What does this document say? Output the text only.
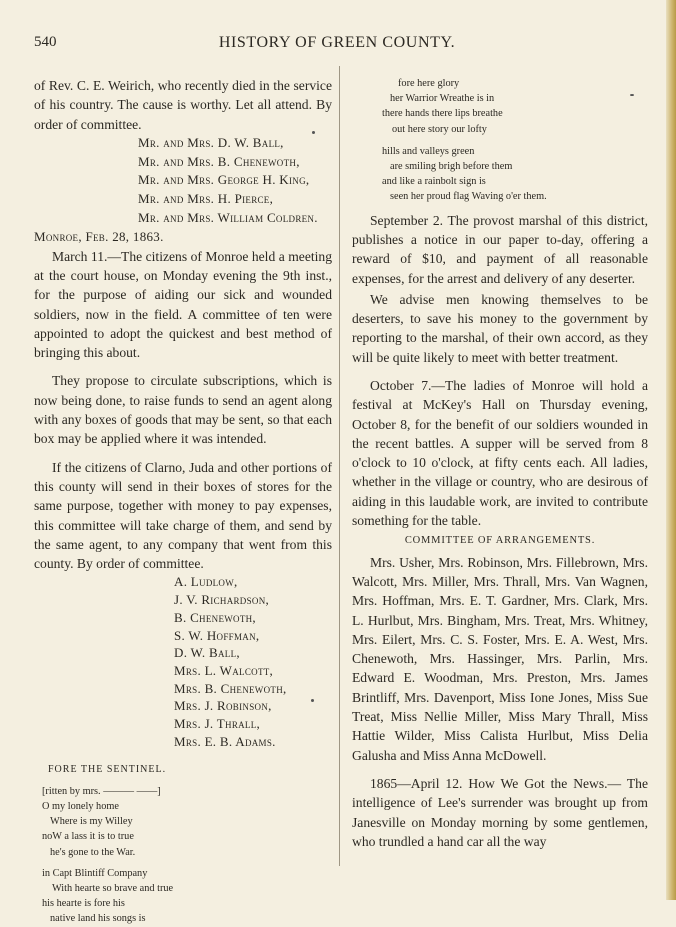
540	HISTORY OF GREEN COUNTY.

of Rev. C. E. Weirich, who recently died in the service of his country. The cause is worthy. Let all attend. By order of committee.

Mr. and Mrs. D. W. Ball,
Mr. and Mrs. B. Chenewoth,
Mr. and Mrs. George H. King,
Mr. and Mrs. H. Pierce,
Mr. and Mrs. William Coldren.
Monroe, Feb. 28, 1863.

March 11.—The citizens of Monroe held a meeting at the court house, on Monday evening the 9th inst., for the purpose of aiding our sick and wounded soldiers, now in the field. A committee of ten were appointed to adopt the quickest and best method of bringing this about.

They propose to circulate subscriptions, which is now being done, to raise funds to send an agent along with any boxes of goods that may be sent, so that each box may be applied where it was intended.

If the citizens of Clarno, Juda and other portions of this county will send in their boxes of stores for the same purpose, together with money to pay expenses, this committee will take charge of them, and send by the same agent, to any company that went from this county. By order of committee.

A. Ludlow,
J. V. Richardson,
B. Chenewoth,
S. W. Hoffman,
D. W. Ball,
Mrs. L. Walcott,
Mrs. B. Chenewoth,
Mrs. J. Robinson,
Mrs. J. Thrall,
Mrs. E. B. Adams.
FORE THE SENTINEL.
[ritten by mrs. ——— ——]
O my lonely home
Where is my Willey
noW a lass it is to true
he's gone to the War.
in Capt Blintiff Company
With hearte so brave and true
his hearte is fore his
native land his songs is
fore here glory
her Warrior Wreathe is in
there hands there lips breathe
out here story our lofty
hills and valleys green
are smiling brigh before them
and like a rainbolt sign is
seen her proud flag Waving o'er them.

September 2. The provost marshal of this district, publishes a notice in our paper to-day, offering a reward of $10, and payment of all reasonable expenses, for the arrest and delivery of any deserter.

We advise men knowing themselves to be deserters, to save his money to the government by reporting to the marshal, of their own accord, as they will be quite likely to meet with better treatment.

October 7.—The ladies of Monroe will hold a festival at McKey's Hall on Thursday evening, October 8, for the benefit of our soldiers wounded in the recent battles. A supper will be served from 8 o'clock to 10 o'clock, at fifty cents each. All ladies, whether in the village or country, who are desirous of aiding in this laudable work, are invited to contribute something for the table.

COMMITTEE OF ARRANGEMENTS.

Mrs. Usher, Mrs. Robinson, Mrs. Fillebrown, Mrs. Walcott, Mrs. Miller, Mrs. Thrall, Mrs. Van Wagnen, Mrs. Hoffman, Mrs. E. T. Gardner, Mrs. Clark, Mrs. L. Hurlbut, Mrs. Bingham, Mrs. Treat, Mrs. Whitney, Mrs. Eilert, Mrs. C. S. Foster, Mrs. E. A. West, Mrs. Chenewoth, Mrs. Hassinger, Mrs. Parlin, Mrs. Edward E. Woodman, Mrs. Preston, Mrs. James Brintliff, Mrs. Davenport, Miss Ione Jones, Miss Sue Treat, Miss Nellie Miller, Miss Mary Thrall, Miss Hattie Wilder, Miss Calista Hurlbut, Miss Delia Galusha and Miss Anna McDowell.

1865—April 12. How We Got the News.— The intelligence of Lee's surrender was brought up from Janesville on Monday morning by some gentlemen, who trundled a hand car all the way
